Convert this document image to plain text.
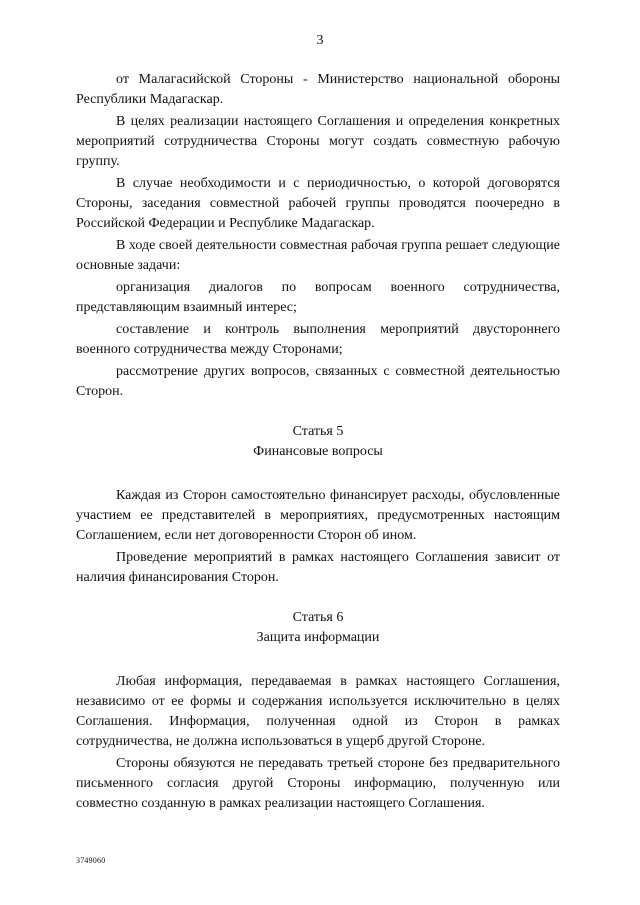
3

от Малагасийской Стороны - Министерство национальной обороны Республики Мадагаскар.

В целях реализации настоящего Соглашения и определения конкретных мероприятий сотрудничества Стороны могут создать совместную рабочую группу.

В случае необходимости и с периодичностью, о которой договорятся Стороны, заседания совместной рабочей группы проводятся поочередно в Российской Федерации и Республике Мадагаскар.

В ходе своей деятельности совместная рабочая группа решает следующие основные задачи:

организация диалогов по вопросам военного сотрудничества, представляющим взаимный интерес;

составление и контроль выполнения мероприятий двустороннего военного сотрудничества между Сторонами;

рассмотрение других вопросов, связанных с совместной деятельностью Сторон.

Статья 5

Финансовые вопросы

Каждая из Сторон самостоятельно финансирует расходы, обусловленные участием ее представителей в мероприятиях, предусмотренных настоящим Соглашением, если нет договоренности Сторон об ином.

Проведение мероприятий в рамках настоящего Соглашения зависит от наличия финансирования Сторон.

Статья 6

Защита информации

Любая информация, передаваемая в рамках настоящего Соглашения, независимо от ее формы и содержания используется исключительно в целях Соглашения. Информация, полученная одной из Сторон в рамках сотрудничества, не должна использоваться в ущерб другой Стороне.

Стороны обязуются не передавать третьей стороне без предварительного письменного согласия другой Стороны информацию, полученную или совместно созданную в рамках реализации настоящего Соглашения.

3749060
